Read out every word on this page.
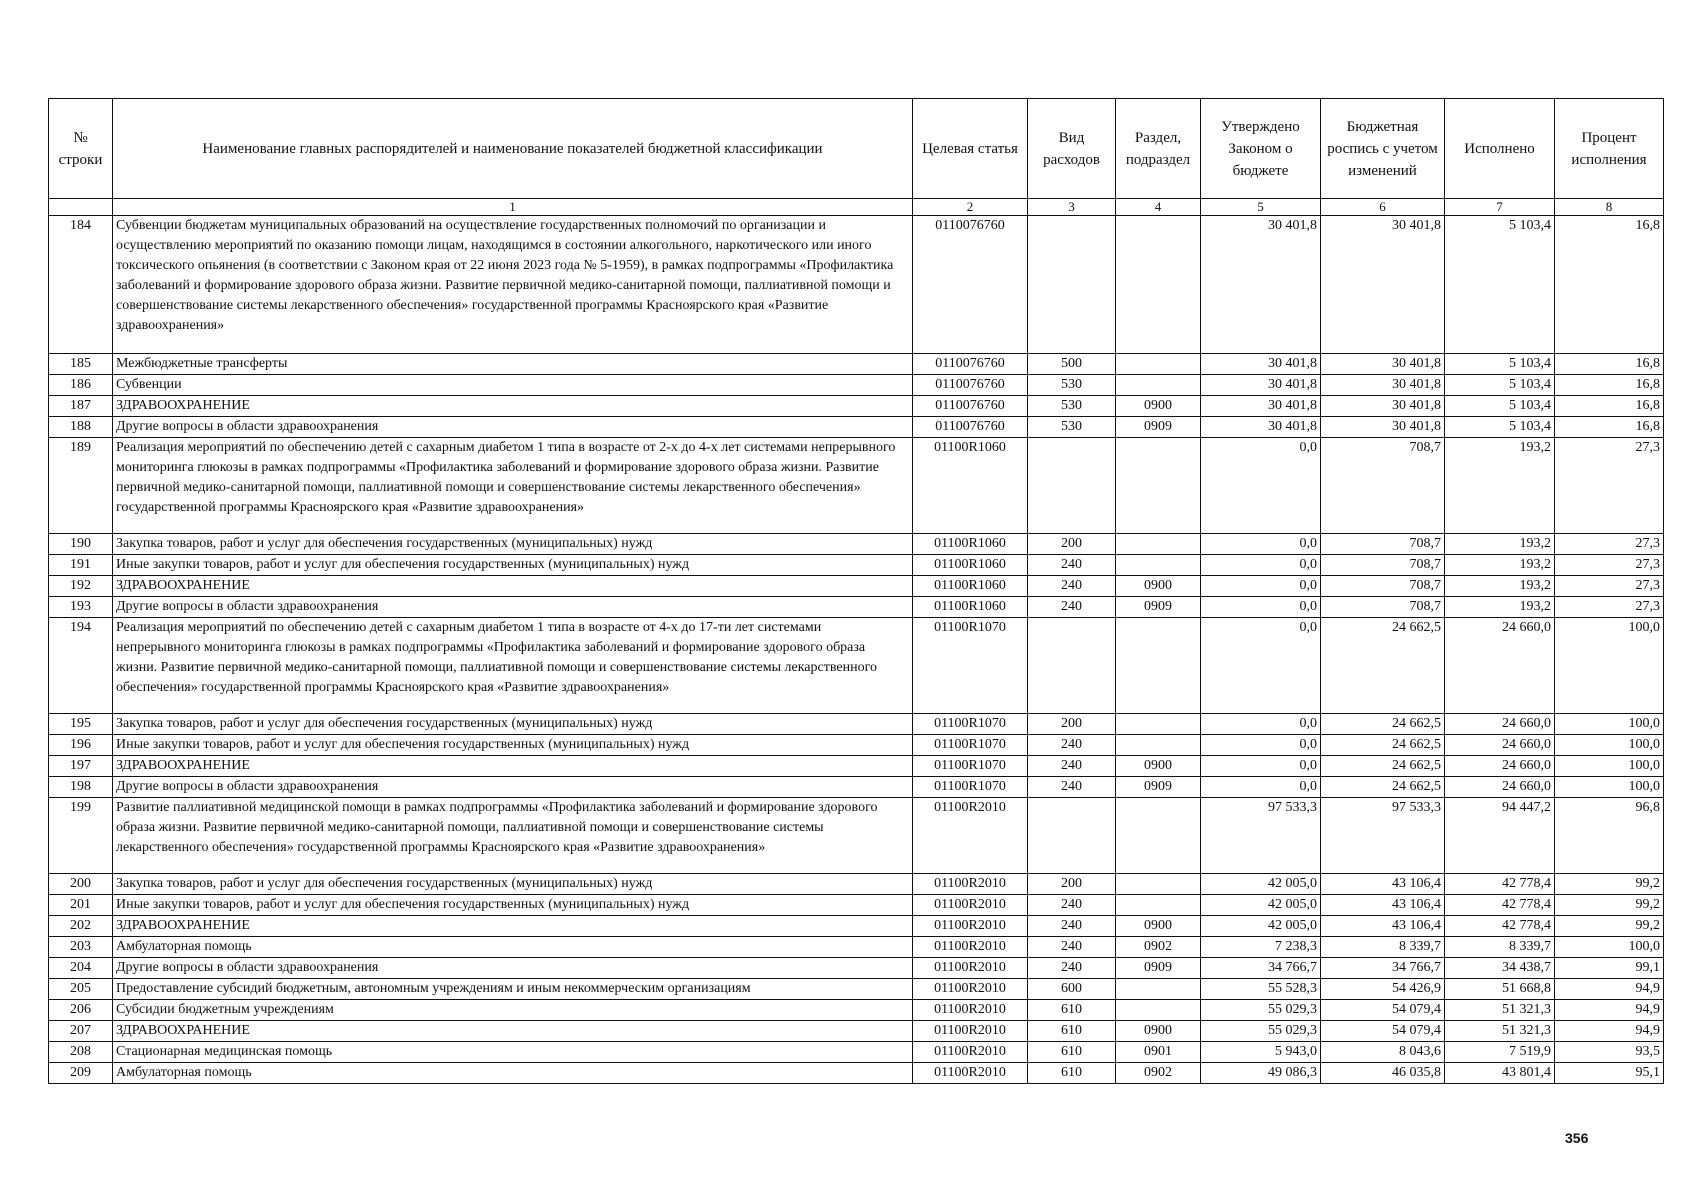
№ строки	Наименование главных распорядителей и наименование показателей бюджетной классификации	Целевая статья	Вид расходов	Раздел, подраздел	Утверждено Законом о бюджете	Бюджетная роспись с учетом изменений	Исполнено	Процент исполнения
	1	2	3	4	5	6	7	8
184	Субвенции бюджетам муниципальных образований на осуществление государственных полномочий по организации и осуществлению мероприятий по оказанию помощи лицам, находящимся в состоянии алкогольного, наркотического или иного токсического опьянения (в соответствии с Законом края от 22 июня 2023 года № 5-1959), в рамках подпрограммы «Профилактика заболеваний и формирование здорового образа жизни. Развитие первичной медико-санитарной помощи, паллиативной помощи и совершенствование системы лекарственного обеспечения» государственной программы Красноярского края «Развитие здравоохранения»	0110076760			30 401,8	30 401,8	5 103,4	16,8
185	Межбюджетные трансферты	0110076760	500		30 401,8	30 401,8	5 103,4	16,8
186	Субвенции	0110076760	530		30 401,8	30 401,8	5 103,4	16,8
187	ЗДРАВООХРАНЕНИЕ	0110076760	530	0900	30 401,8	30 401,8	5 103,4	16,8
188	Другие вопросы в области здравоохранения	0110076760	530	0909	30 401,8	30 401,8	5 103,4	16,8
189	Реализация мероприятий по обеспечению детей с сахарным диабетом 1 типа в возрасте от 2-х до 4-х лет системами непрерывного мониторинга глюкозы в рамках подпрограммы «Профилактика заболеваний и формирование здорового образа жизни. Развитие первичной медико-санитарной помощи, паллиативной помощи и совершенствование системы лекарственного обеспечения» государственной программы Красноярского края «Развитие здравоохранения»	01100R1060			0,0	708,7	193,2	27,3
190	Закупка товаров, работ и услуг для обеспечения государственных (муниципальных) нужд	01100R1060	200		0,0	708,7	193,2	27,3
191	Иные закупки товаров, работ и услуг для обеспечения государственных (муниципальных) нужд	01100R1060	240		0,0	708,7	193,2	27,3
192	ЗДРАВООХРАНЕНИЕ	01100R1060	240	0900	0,0	708,7	193,2	27,3
193	Другие вопросы в области здравоохранения	01100R1060	240	0909	0,0	708,7	193,2	27,3
194	Реализация мероприятий по обеспечению детей с сахарным диабетом 1 типа в возрасте от 4-х до 17-ти лет системами непрерывного мониторинга глюкозы в рамках подпрограммы «Профилактика заболеваний и формирование здорового образа жизни. Развитие первичной медико-санитарной помощи, паллиативной помощи и совершенствование системы лекарственного обеспечения» государственной программы Красноярского края «Развитие здравоохранения»	01100R1070			0,0	24 662,5	24 660,0	100,0
195	Закупка товаров, работ и услуг для обеспечения государственных (муниципальных) нужд	01100R1070	200		0,0	24 662,5	24 660,0	100,0
196	Иные закупки товаров, работ и услуг для обеспечения государственных (муниципальных) нужд	01100R1070	240		0,0	24 662,5	24 660,0	100,0
197	ЗДРАВООХРАНЕНИЕ	01100R1070	240	0900	0,0	24 662,5	24 660,0	100,0
198	Другие вопросы в области здравоохранения	01100R1070	240	0909	0,0	24 662,5	24 660,0	100,0
199	Развитие паллиативной медицинской помощи в рамках подпрограммы «Профилактика заболеваний и формирование здорового образа жизни. Развитие первичной медико-санитарной помощи, паллиативной помощи и совершенствование системы лекарственного обеспечения» государственной программы Красноярского края «Развитие здравоохранения»	01100R2010			97 533,3	97 533,3	94 447,2	96,8
200	Закупка товаров, работ и услуг для обеспечения государственных (муниципальных) нужд	01100R2010	200		42 005,0	43 106,4	42 778,4	99,2
201	Иные закупки товаров, работ и услуг для обеспечения государственных (муниципальных) нужд	01100R2010	240		42 005,0	43 106,4	42 778,4	99,2
202	ЗДРАВООХРАНЕНИЕ	01100R2010	240	0900	42 005,0	43 106,4	42 778,4	99,2
203	Амбулаторная помощь	01100R2010	240	0902	7 238,3	8 339,7	8 339,7	100,0
204	Другие вопросы в области здравоохранения	01100R2010	240	0909	34 766,7	34 766,7	34 438,7	99,1
205	Предоставление субсидий бюджетным, автономным учреждениям и иным некоммерческим организациям	01100R2010	600		55 528,3	54 426,9	51 668,8	94,9
206	Субсидии бюджетным учреждениям	01100R2010	610		55 029,3	54 079,4	51 321,3	94,9
207	ЗДРАВООХРАНЕНИЕ	01100R2010	610	0900	55 029,3	54 079,4	51 321,3	94,9
208	Стационарная медицинская помощь	01100R2010	610	0901	5 943,0	8 043,6	7 519,9	93,5
209	Амбулаторная помощь	01100R2010	610	0902	49 086,3	46 035,8	43 801,4	95,1
356
